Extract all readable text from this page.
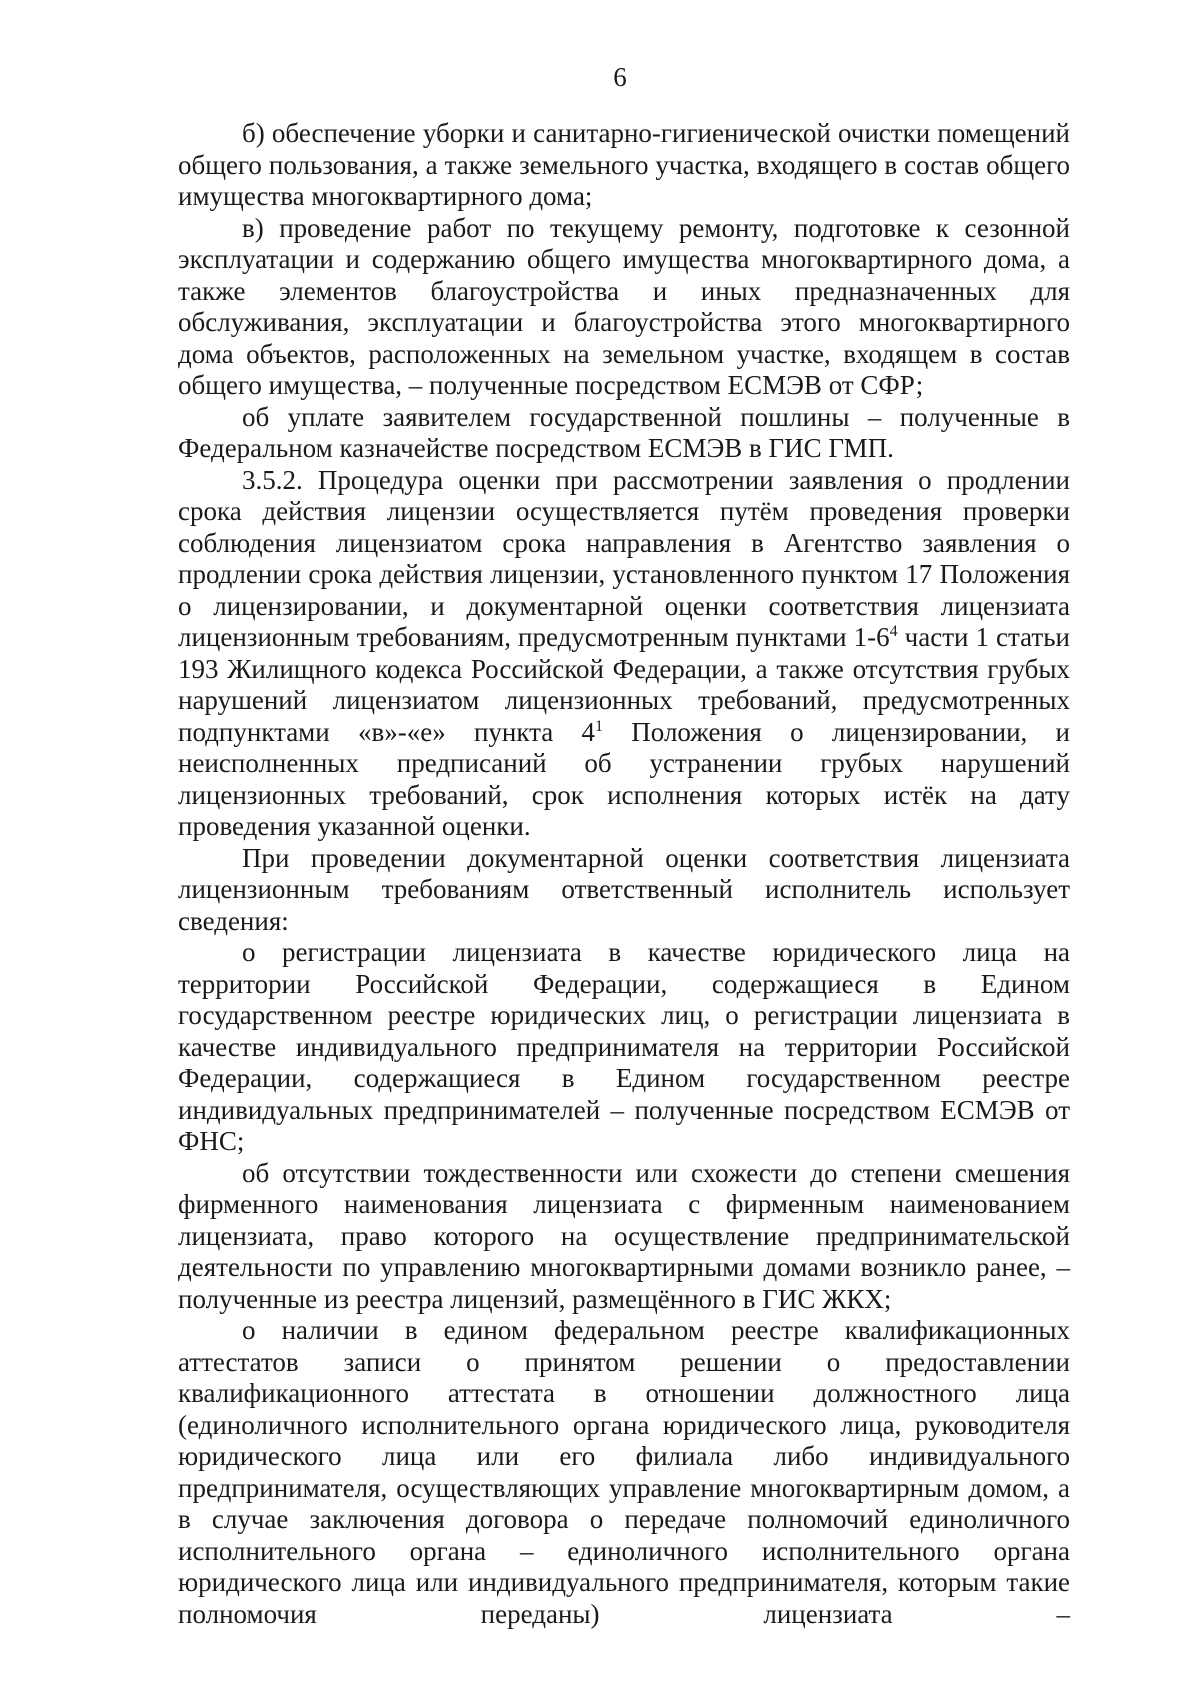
6

б) обеспечение уборки и санитарно-гигиенической очистки помещений общего пользования, а также земельного участка, входящего в состав общего имущества многоквартирного дома;

в) проведение работ по текущему ремонту, подготовке к сезонной эксплуатации и содержанию общего имущества многоквартирного дома, а также элементов благоустройства и иных предназначенных для обслуживания, эксплуатации и благоустройства этого многоквартирного дома объектов, расположенных на земельном участке, входящем в состав общего имущества, – полученные посредством ЕСМЭВ от СФР;

об уплате заявителем государственной пошлины – полученные в Федеральном казначействе посредством ЕСМЭВ в ГИС ГМП.

3.5.2. Процедура оценки при рассмотрении заявления о продлении срока действия лицензии осуществляется путём проведения проверки соблюдения лицензиатом срока направления в Агентство заявления о продлении срока действия лицензии, установленного пунктом 17 Положения о лицензировании, и документарной оценки соответствия лицензиата лицензионным требованиям, предусмотренным пунктами $1-6^4$ части 1 статьи 193 Жилищного кодекса Российской Федерации, а также отсутствия грубых нарушений лицензиатом лицензионных требований, предусмотренных подпунктами «в»-«е» пункта $4^1$ Положения о лицензировании, и неисполненных предписаний об устранении грубых нарушений лицензионных требований, срок исполнения которых истёк на дату проведения указанной оценки.

При проведении документарной оценки соответствия лицензиата лицензионным требованиям ответственный исполнитель использует сведения:

о регистрации лицензиата в качестве юридического лица на территории Российской Федерации, содержащиеся в Едином государственном реестре юридических лиц, о регистрации лицензиата в качестве индивидуального предпринимателя на территории Российской Федерации, содержащиеся в Едином государственном реестре индивидуальных предпринимателей – полученные посредством ЕСМЭВ от ФНС;

об отсутствии тождественности или схожести до степени смешения фирменного наименования лицензиата с фирменным наименованием лицензиата, право которого на осуществление предпринимательской деятельности по управлению многоквартирными домами возникло ранее, – полученные из реестра лицензий, размещённого в ГИС ЖКХ;

о наличии в едином федеральном реестре квалификационных аттестатов записи о принятом решении о предоставлении квалификационного аттестата в отношении должностного лица (единоличного исполнительного органа юридического лица, руководителя юридического лица или его филиала либо индивидуального предпринимателя, осуществляющих управление многоквартирным домом, а в случае заключения договора о передаче полномочий единоличного исполнительного органа – единоличного исполнительного органа юридического лица или индивидуального предпринимателя, которым такие полномочия переданы) лицензиата –
